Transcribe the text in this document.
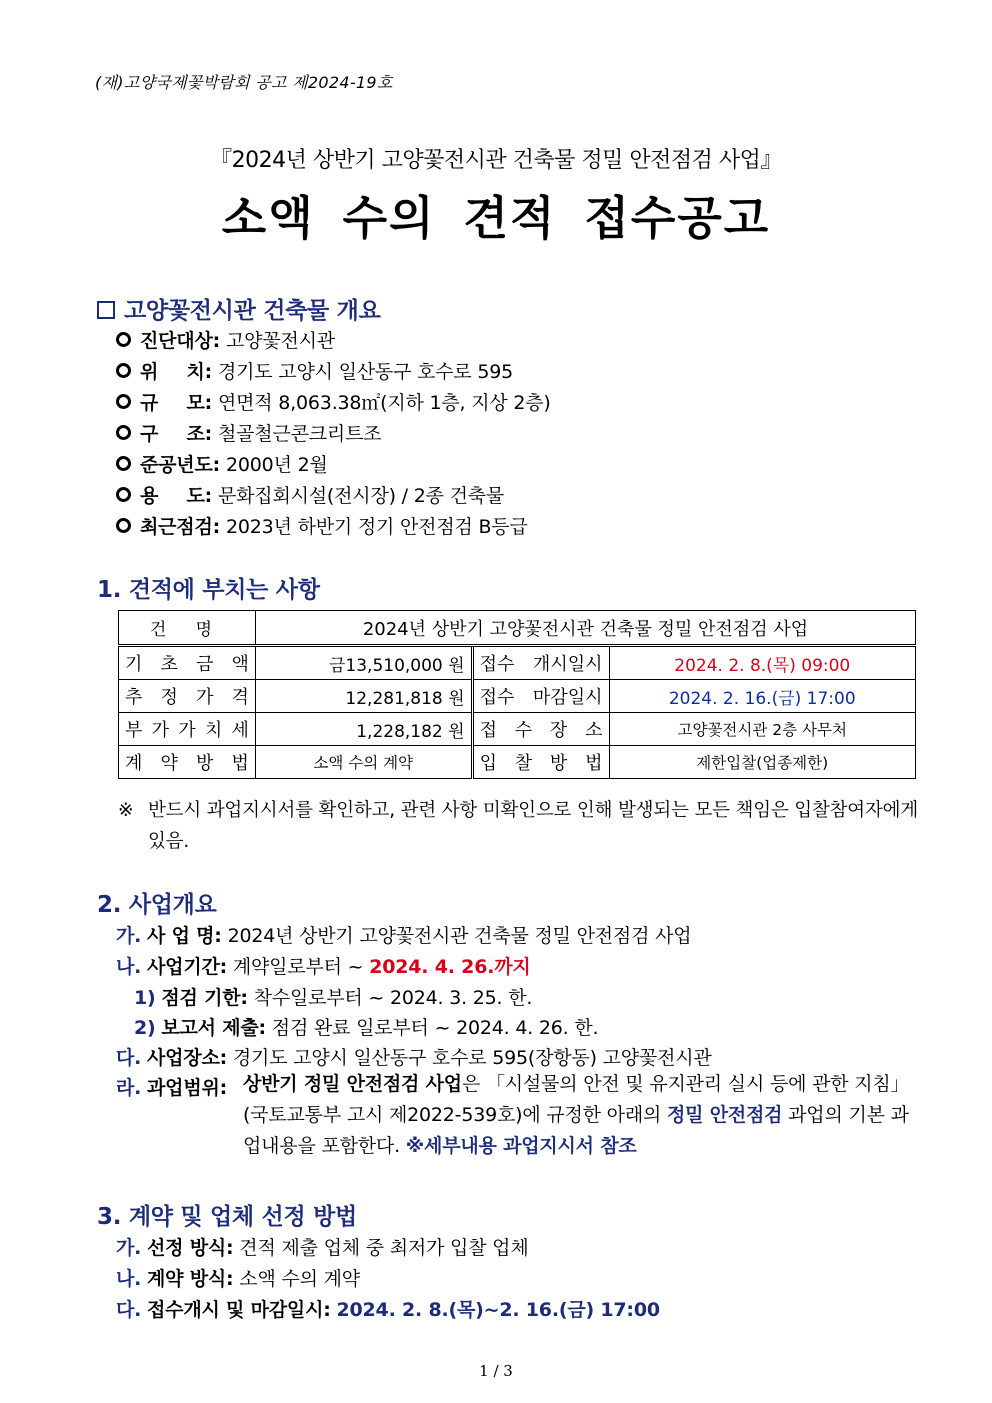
(재)고양국제꽃박람회 공고 제2024-19호
『2024년 상반기 고양꽃전시관 건축물 정밀 안전점검 사업』
소액 수의 견적 접수공고
고양꽃전시관 건축물 개요
진단대상: 고양꽃전시관
위 치: 경기도 고양시 일산동구 호수로 595
규 모: 연면적 8,063.38㎡(지하 1층, 지상 2층)
구 조: 철골철근콘크리트조
준공년도: 2000년 2월
용 도: 문화집회시설(전시장) / 2종 건축물
최근점검: 2023년 하반기 정기 안전점검 B등급
1. 견적에 부치는 사항
건 명	2024년 상반기 고양꽃전시관 건축물 정밀 안전점검 사업		
기 초 금 액	금13,510,000 원	접수 개시일시	2024. 2. 8.(목) 09:00
추 정 가 격	12,281,818 원	접수 마감일시	2024. 2. 16.(금) 17:00
부 가 가 치 세	1,228,182 원	접 수 장 소	고양꽃전시관 2층 사무처
계 약 방 법	소액 수의 계약	입 찰 방 법	제한입찰(업종제한)
※ 반드시 과업지시서를 확인하고, 관련 사항 미확인으로 인해 발생되는 모든 책임은 입찰참여자에게 있음.
2. 사업개요
가. 사 업 명: 2024년 상반기 고양꽃전시관 건축물 정밀 안전점검 사업
나. 사업기간: 계약일로부터 ~ 2024. 4. 26.까지
1) 점검 기한: 착수일로부터 ~ 2024. 3. 25. 한.
2) 보고서 제출: 점검 완료 일로부터 ~ 2024. 4. 26. 한.
다. 사업장소: 경기도 고양시 일산동구 호수로 595(장항동) 고양꽃전시관
라. 과업범위: 상반기 정밀 안전점검 사업은 「시설물의 안전 및 유지관리 실시 등에 관한 지침」(국토교통부 고시 제2022-539호)에 규정한 아래의 정밀 안전점검 과업의 기본 과업내용을 포함한다. ※세부내용 과업지시서 참조
3. 계약 및 업체 선정 방법
가. 선정 방식: 견적 제출 업체 중 최저가 입찰 업체
나. 계약 방식: 소액 수의 계약
다. 접수개시 및 마감일시: 2024. 2. 8.(목)~2. 16.(금) 17:00
1 / 3
